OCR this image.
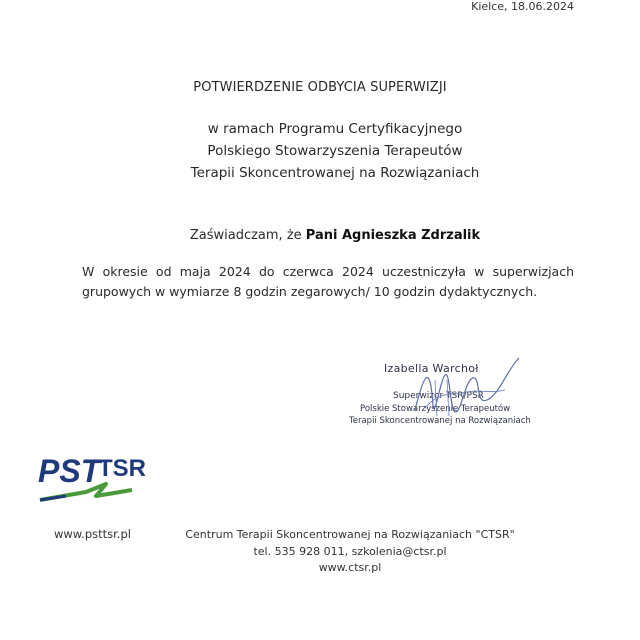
Kielce, 18.06.2024
POTWIERDZENIE ODBYCIA SUPERWIZJI
w ramach Programu Certyfikacyjnego
Polskiego Stowarzyszenia Terapeutów
Terapii Skoncentrowanej na Rozwiązaniach
Zaświadczam, że Pani Agnieszka Zdrzalik
W okresie od maja 2024 do czerwca 2024 uczestniczyła w superwizjach
grupowych w wymiarze 8 godzin zegarowych/ 10 godzin dydaktycznych.
Izabella Warchoł
Superwizor TSR/PSR
Polskie Stowarzyszenie Terapeutów
Terapii Skoncentrowanej na Rozwiązaniach
PST
TSR
www.psttsr.pl	Centrum Terapii Skoncentrowanej na Rozwiązaniach "CTSR"
tel. 535 928 011, szkolenia@ctsr.pl
www.ctsr.pl
